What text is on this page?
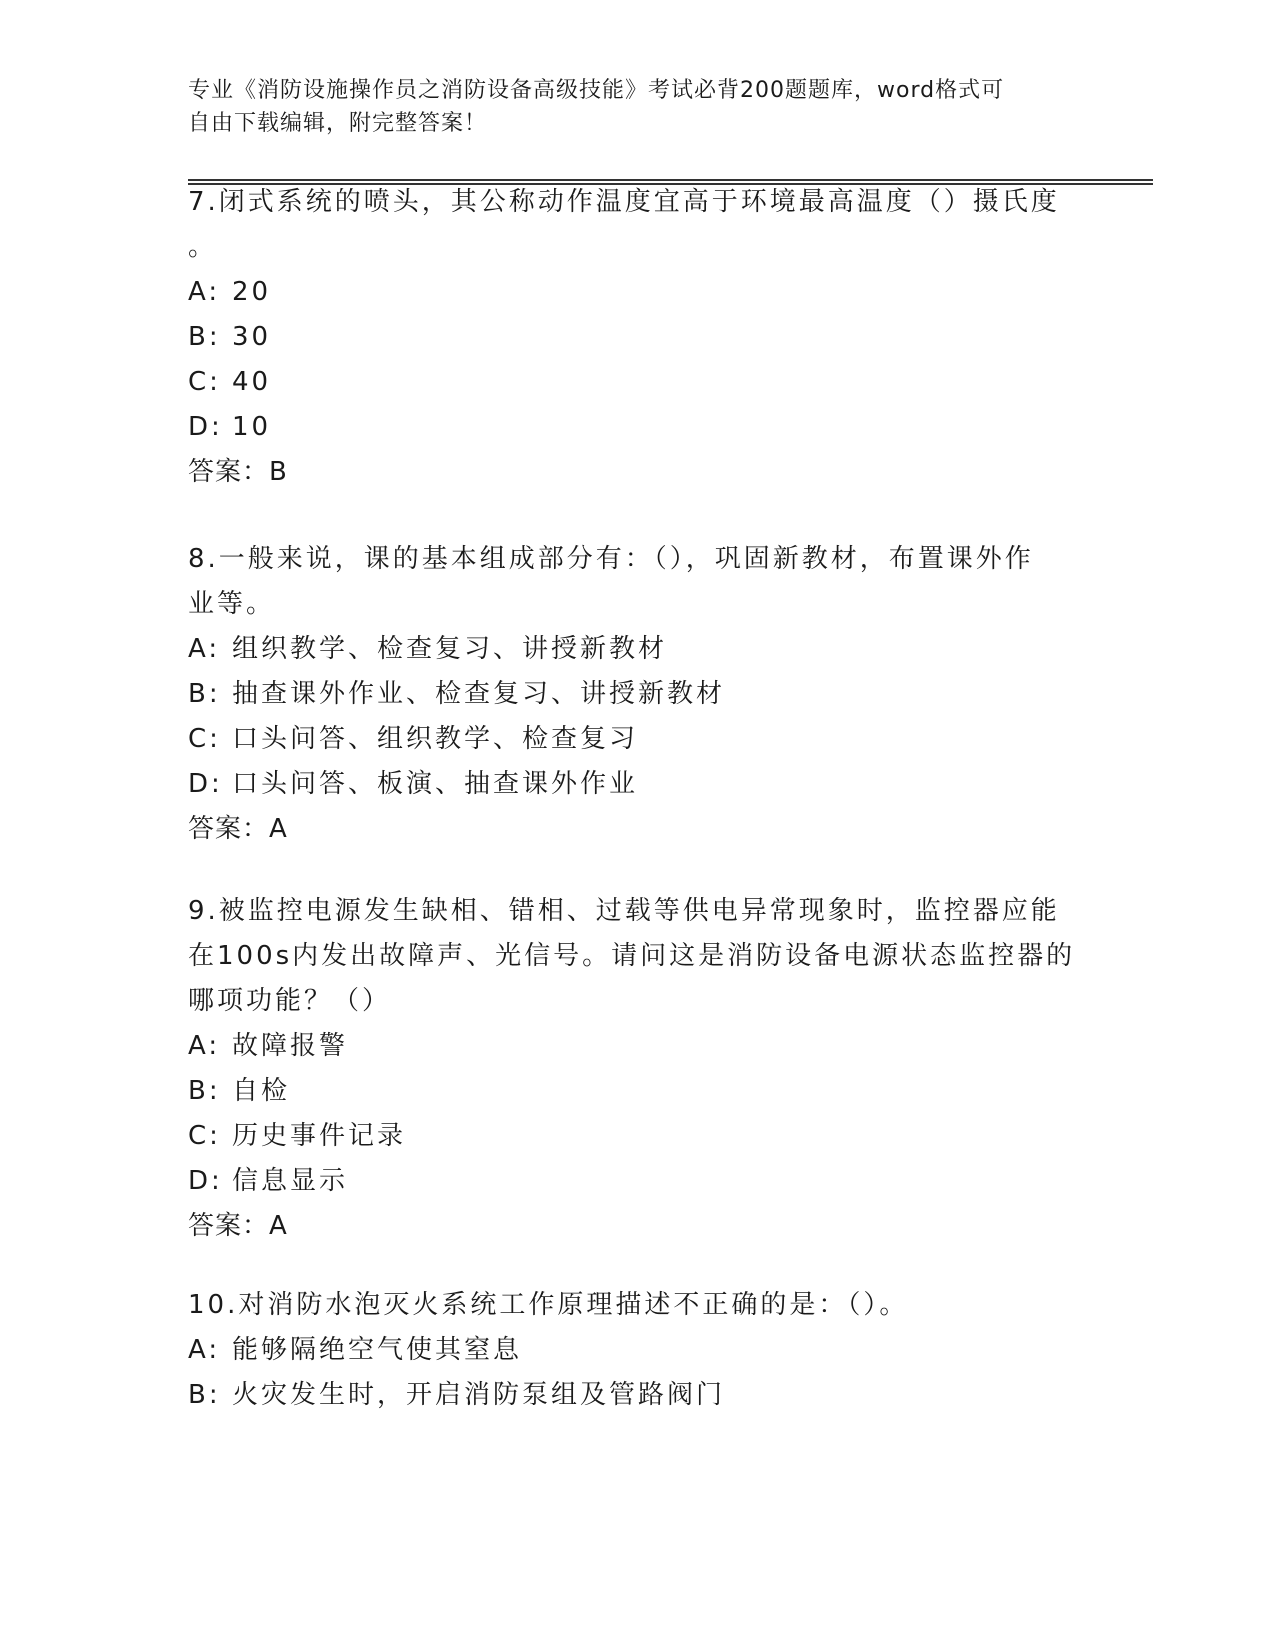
专业《消防设施操作员之消防设备高级技能》考试必背200题题库，word格式可
自由下载编辑，附完整答案！
7.闭式系统的喷头，其公称动作温度宜高于环境最高温度（）摄氏度
。
A: 20
B: 30
C: 40
D: 10
答案：B
8.一般来说，课的基本组成部分有：（），巩固新教材，布置课外作
业等。
A: 组织教学、检查复习、讲授新教材
B: 抽查课外作业、检查复习、讲授新教材
C: 口头问答、组织教学、检查复习
D: 口头问答、板演、抽查课外作业
答案：A
9.被监控电源发生缺相、错相、过载等供电异常现象时，监控器应能
在100s内发出故障声、光信号。请问这是消防设备电源状态监控器的
哪项功能？（）
A: 故障报警
B: 自检
C: 历史事件记录
D: 信息显示
答案：A
10.对消防水泡灭火系统工作原理描述不正确的是：（）。
A: 能够隔绝空气使其窒息
B: 火灾发生时，开启消防泵组及管路阀门
